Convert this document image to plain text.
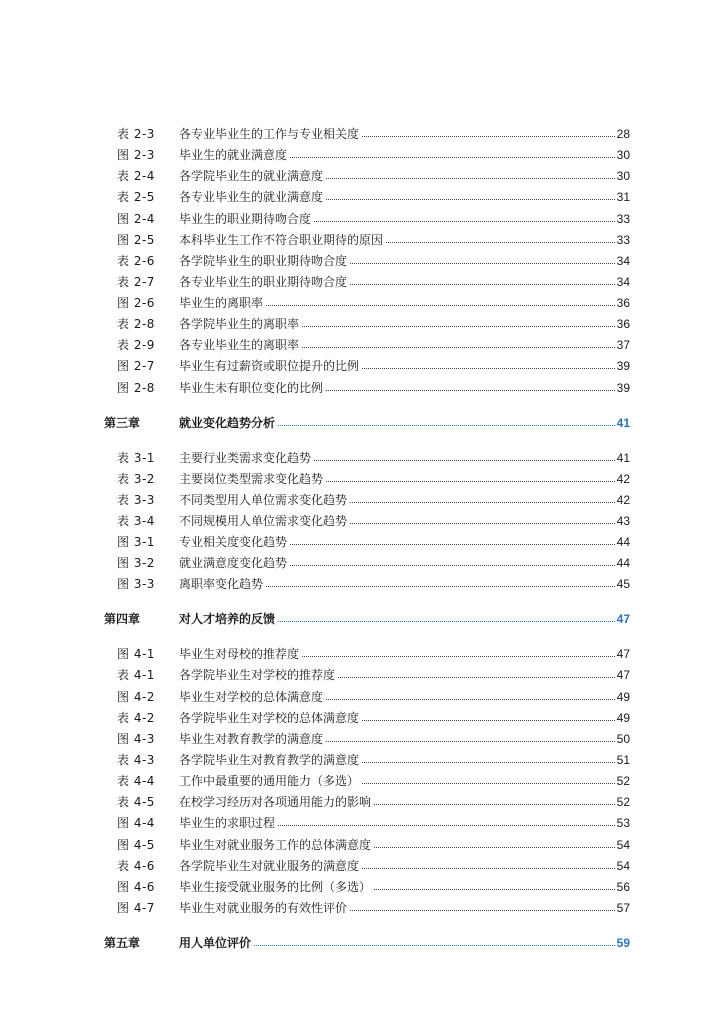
表 2-3	各专业毕业生的工作与专业相关度	28
图 2-3	毕业生的就业满意度	30
表 2-4	各学院毕业生的就业满意度	30
表 2-5	各专业毕业生的就业满意度	31
图 2-4	毕业生的职业期待吻合度	33
图 2-5	本科毕业生工作不符合职业期待的原因	33
表 2-6	各学院毕业生的职业期待吻合度	34
表 2-7	各专业毕业生的职业期待吻合度	34
图 2-6	毕业生的离职率	36
表 2-8	各学院毕业生的离职率	36
表 2-9	各专业毕业生的离职率	37
图 2-7	毕业生有过薪资或职位提升的比例	39
图 2-8	毕业生未有职位变化的比例	39
第三章	就业变化趋势分析	41
表 3-1	主要行业类需求变化趋势	41
表 3-2	主要岗位类型需求变化趋势	42
表 3-3	不同类型用人单位需求变化趋势	42
表 3-4	不同规模用人单位需求变化趋势	43
图 3-1	专业相关度变化趋势	44
图 3-2	就业满意度变化趋势	44
图 3-3	离职率变化趋势	45
第四章	对人才培养的反馈	47
图 4-1	毕业生对母校的推荐度	47
表 4-1	各学院毕业生对学校的推荐度	47
图 4-2	毕业生对学校的总体满意度	49
表 4-2	各学院毕业生对学校的总体满意度	49
图 4-3	毕业生对教育教学的满意度	50
表 4-3	各学院毕业生对教育教学的满意度	51
表 4-4	工作中最重要的通用能力（多选）	52
表 4-5	在校学习经历对各项通用能力的影响	52
图 4-4	毕业生的求职过程	53
图 4-5	毕业生对就业服务工作的总体满意度	54
表 4-6	各学院毕业生对就业服务的满意度	54
图 4-6	毕业生接受就业服务的比例（多选）	56
图 4-7	毕业生对就业服务的有效性评价	57
第五章	用人单位评价	59
